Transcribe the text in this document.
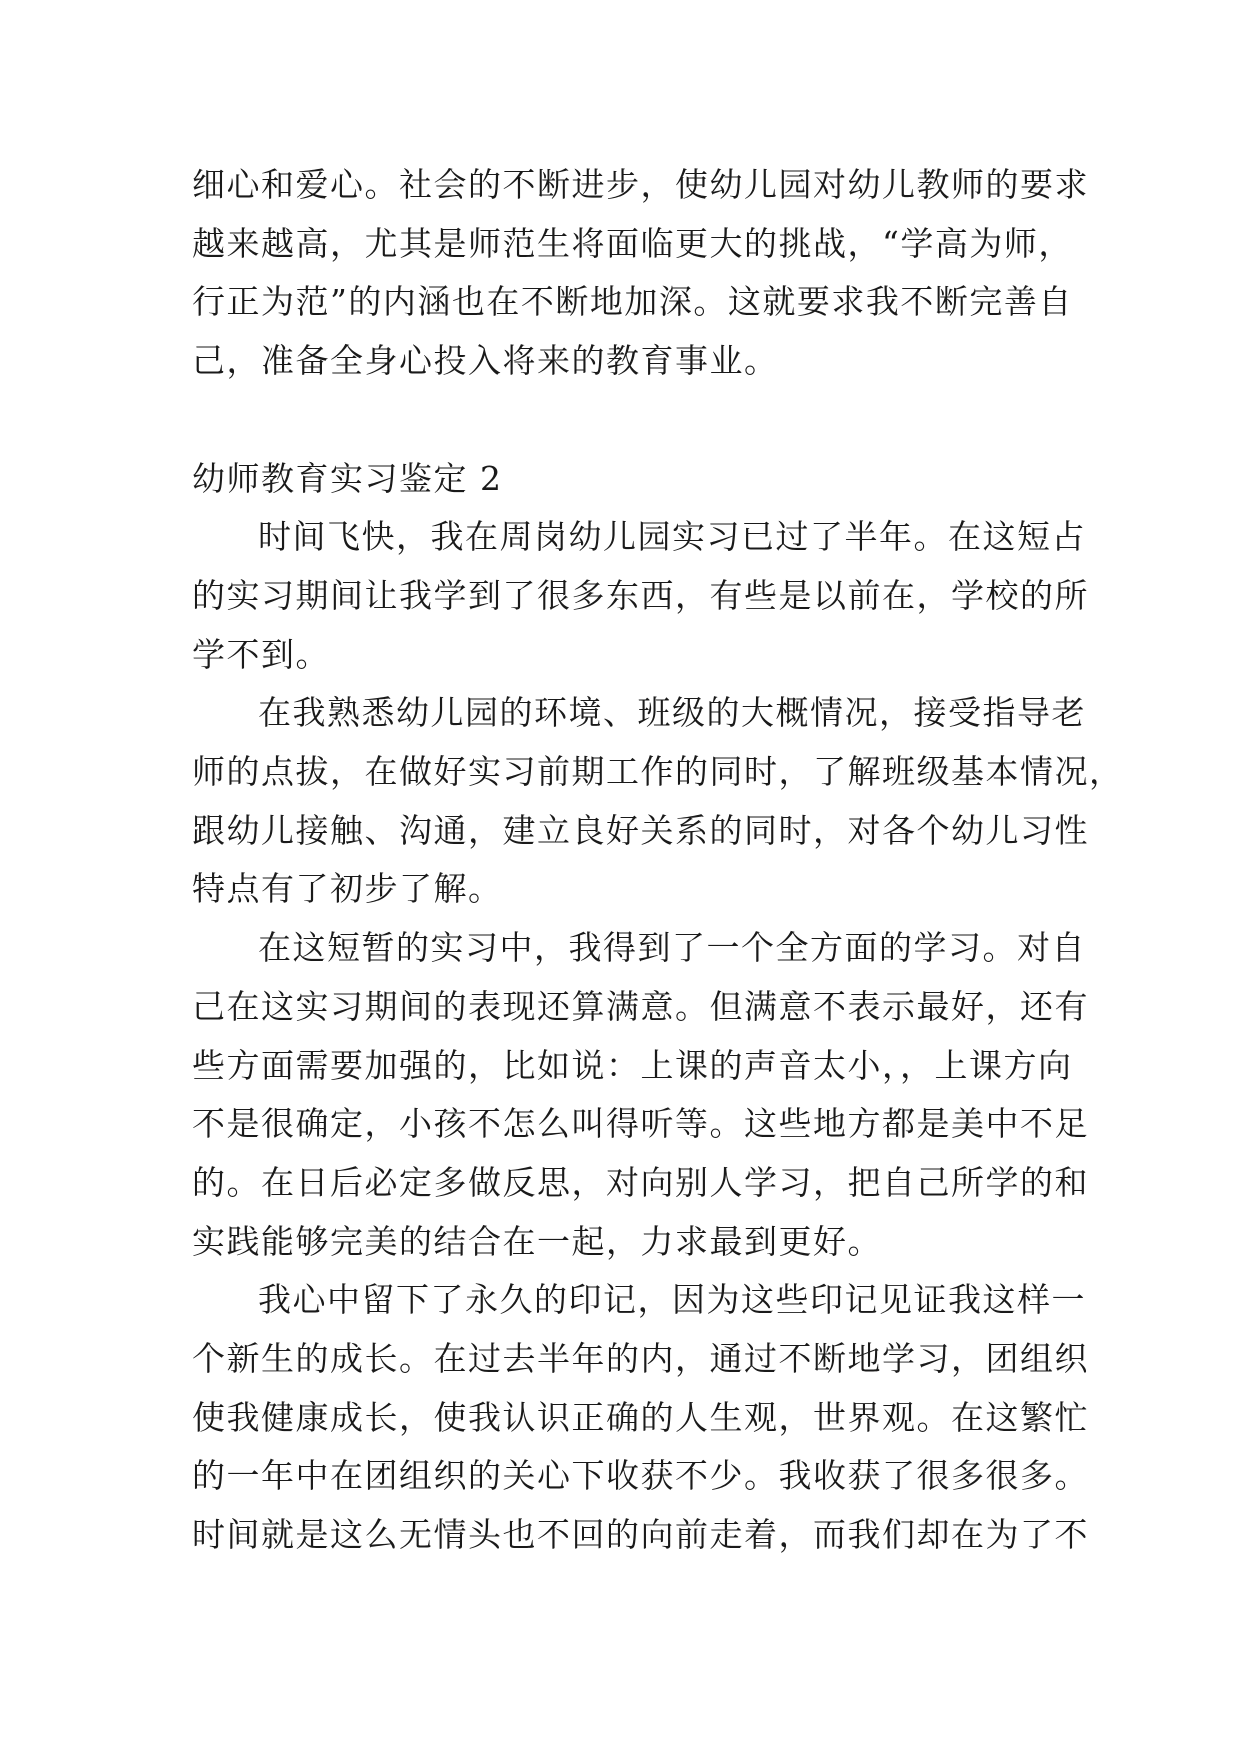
细心和爱心。社会的不断进步，使幼儿园对幼儿教师的要求
越来越高，尤其是师范生将面临更大的挑战，“学高为师，
行正为范”的内涵也在不断地加深。这就要求我不断完善自
己，准备全身心投入将来的教育事业。

幼师教育实习鉴定 2

时间飞快，我在周岗幼儿园实习已过了半年。在这短占
的实习期间让我学到了很多东西，有些是以前在，学校的所
学不到。

在我熟悉幼儿园的环境、班级的大概情况，接受指导老
师的点拔，在做好实习前期工作的同时，了解班级基本情况，
跟幼儿接触、沟通，建立良好关系的同时，对各个幼儿习性
特点有了初步了解。

在这短暂的实习中，我得到了一个全方面的学习。对自
己在这实习期间的表现还算满意。但满意不表示最好，还有
些方面需要加强的，比如说：上课的声音太小，，上课方向
不是很确定，小孩不怎么叫得听等。这些地方都是美中不足
的。在日后必定多做反思，对向别人学习，把自己所学的和
实践能够完美的结合在一起，力求最到更好。

我心中留下了永久的印记，因为这些印记见证我这样一
个新生的成长。在过去半年的内，通过不断地学习，团组织
使我健康成长，使我认识正确的人生观，世界观。在这繁忙
的一年中在团组织的关心下收获不少。我收获了很多很多。
时间就是这么无情头也不回的向前走着，而我们却在为了不
